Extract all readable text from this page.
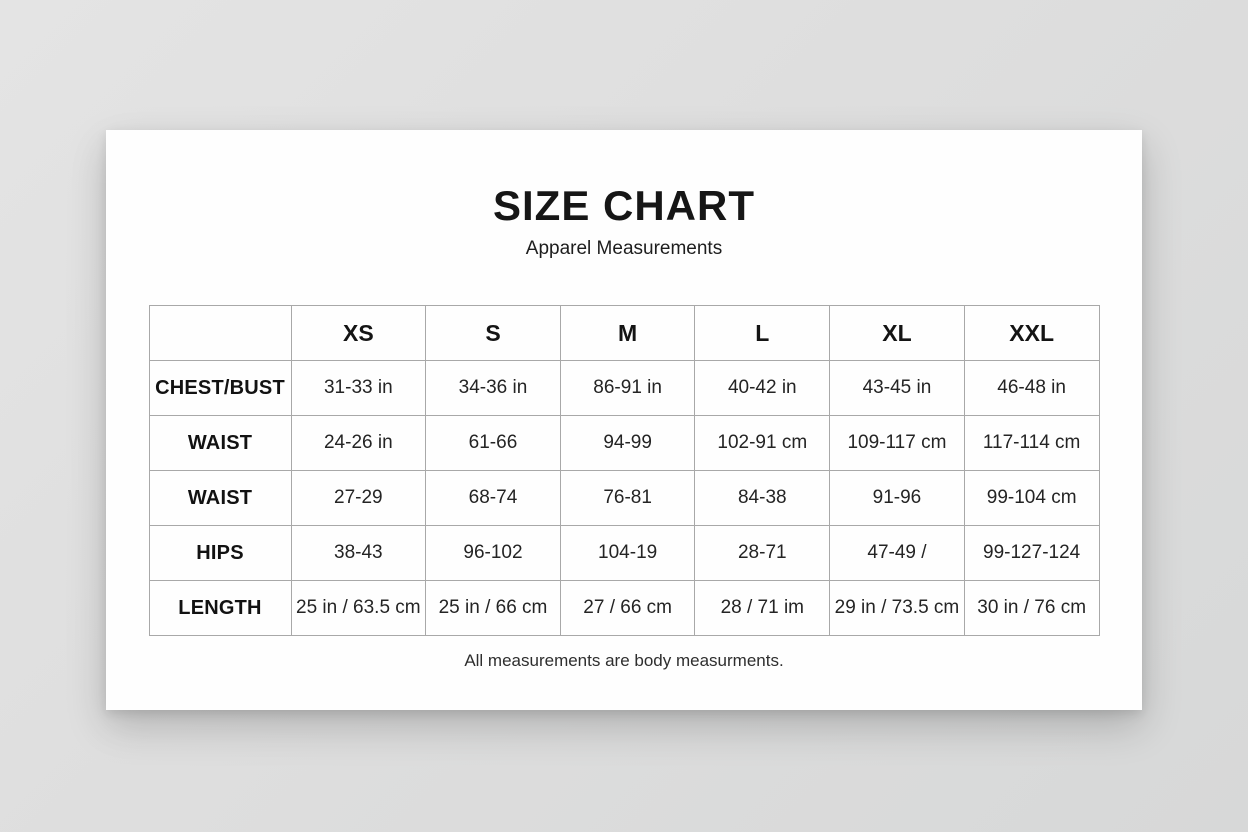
SIZE CHART
Apparel Measurements
	XS	S	M	L	XL	XXL
CHEST/BUST	31-33 in	34-36 in	86-91 in	40-42 in	43-45 in	46-48 in
WAIST	24-26 in	61-66	94-99	102-91 cm	109-117 cm	117-114 cm
WAIST	27-29	68-74	76-81	84-38	91-96	99-104 cm
HIPS	38-43	96-102	104-19	28-71	47-49 /	99-127-124
LENGTH	25 in / 63.5 cm	25 in / 66 cm	27 / 66 cm	28 / 71 im	29 in / 73.5 cm	30 in / 76 cm
All measurements are body measurments.
